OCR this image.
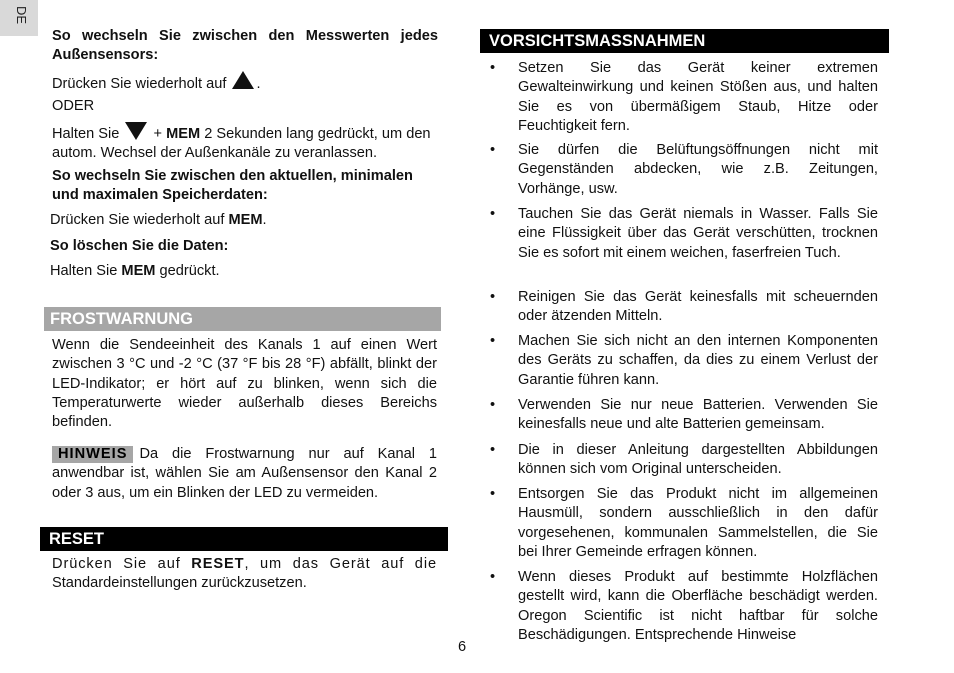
DE

So wechseln Sie zwischen den Messwerten jedes Außensensors:

Drücken Sie wiederholt auf .

ODER

Halten Sie + MEM 2 Sekunden lang gedrückt, um den autom. Wechsel der Außenkanäle zu veranlassen.

So wechseln Sie zwischen den aktuellen, minimalen und maximalen Speicherdaten:

Drücken Sie wiederholt auf MEM.

So löschen Sie die Daten:

Halten Sie MEM gedrückt.

FROSTWARNUNG

Wenn die Sendeeinheit des Kanals 1 auf einen Wert zwischen 3 °C und -2 °C (37 °F bis 28 °F) abfällt, blinkt der LED-Indikator; er hört auf zu blinken, wenn sich die Temperaturwerte wieder außerhalb dieses Bereichs befinden.

HINWEIS Da die Frostwarnung nur auf Kanal 1 anwendbar ist, wählen Sie am Außensensor den Kanal 2 oder 3 aus, um ein Blinken der LED zu vermeiden.

RESET

Drücken Sie auf RESET, um das Gerät auf die

Standardeinstellungen zurückzusetzen.

VORSICHTSMASSNAHMEN
•	Setzen Sie das Gerät keiner extremen Gewalteinwirkung und keinen Stößen aus, und halten Sie es von übermäßigem Staub, Hitze oder Feuchtigkeit fern.
•	Sie dürfen die Belüftungsöffnungen nicht mit Gegenständen abdecken, wie z.B. Zeitungen, Vorhänge, usw.
•	Tauchen Sie das Gerät niemals in Wasser. Falls Sie eine Flüssigkeit über das Gerät verschütten, trocknen Sie es sofort mit einem weichen, faserfreien Tuch.
•	Reinigen Sie das Gerät keinesfalls mit scheuernden oder ätzenden Mitteln.
•	Machen Sie sich nicht an den internen Komponenten des Geräts zu schaffen, da dies zu einem Verlust der Garantie führen kann.
•	Verwenden Sie nur neue Batterien. Verwenden Sie keinesfalls neue und alte Batterien gemeinsam.
•	Die in dieser Anleitung dargestellten Abbildungen können sich vom Original unterscheiden.
•	Entsorgen Sie das Produkt nicht im allgemeinen Hausmüll, sondern ausschließlich in den dafür vorgesehenen, kommunalen Sammelstellen, die Sie bei Ihrer Gemeinde erfragen können.
•	Wenn dieses Produkt auf bestimmte Holzflächen gestellt wird, kann die Oberfläche beschädigt werden. Oregon Scientific ist nicht haftbar für solche Beschädigungen. Entsprechende Hinweise
6
